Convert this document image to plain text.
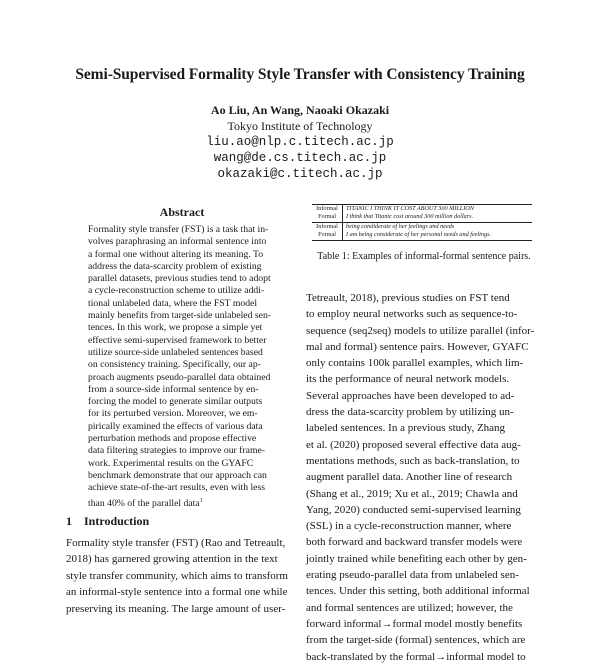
Semi-Supervised Formality Style Transfer with Consistency Training
Ao Liu, An Wang, Naoaki Okazaki
Tokyo Institute of Technology
liu.ao@nlp.c.titech.ac.jp
wang@de.cs.titech.ac.jp
okazaki@c.titech.ac.jp
Abstract
Formality style transfer (FST) is a task that in-
volves paraphrasing an informal sentence into
a formal one without altering its meaning. To
address the data-scarcity problem of existing
parallel datasets, previous studies tend to adopt
a cycle-reconstruction scheme to utilize addi-
tional unlabeled data, where the FST model
mainly benefits from target-side unlabeled sen-
tences. In this work, we propose a simple yet
effective semi-supervised framework to better
utilize source-side unlabeled sentences based
on consistency training. Specifically, our ap-
proach augments pseudo-parallel data obtained
from a source-side informal sentence by en-
forcing the model to generate similar outputs
for its perturbed version. Moreover, we em-
pirically examined the effects of various data
perturbation methods and propose effective
data filtering strategies to improve our frame-
work. Experimental results on the GYAFC
benchmark demonstrate that our approach can
achieve state-of-the-art results, even with less
than 40% of the parallel data$^1$
1 Introduction
Formality style transfer (FST) (Rao and Tetreault,
2018) has garnered growing attention in the text
style transfer community, which aims to transform
an informal-style sentence into a formal one while
preserving its meaning. The large amount of user-
Informal	TITANIC I THINK IT COST ABOUT 300 MILLION
Formal	I think that Titanic cost around 300 million dollars.
Informal	being condiderate of her feelings and needs
Formal	I am being considerate of her personal needs and feelings.
Table 1: Examples of informal-formal sentence pairs.
Tetreault, 2018), previous studies on FST tend
to employ neural networks such as sequence-to-
sequence (seq2seq) models to utilize parallel (infor-
mal and formal) sentence pairs. However, GYAFC
only contains 100k parallel examples, which lim-
its the performance of neural network models.
Several approaches have been developed to ad-
dress the data-scarcity problem by utilizing un-
labeled sentences. In a previous study, Zhang
et al. (2020) proposed several effective data aug-
mentations methods, such as back-translation, to
augment parallel data. Another line of research
(Shang et al., 2019; Xu et al., 2019; Chawla and
Yang, 2020) conducted semi-supervised learning
(SSL) in a cycle-reconstruction manner, where
both forward and backward transfer models were
jointly trained while benefiting each other by gen-
erating pseudo-parallel data from unlabeled sen-
tences. Under this setting, both additional informal
and formal sentences are utilized; however, the
forward informal→formal model mostly benefits
from the target-side (formal) sentences, which are
back-translated by the formal→informal model to
